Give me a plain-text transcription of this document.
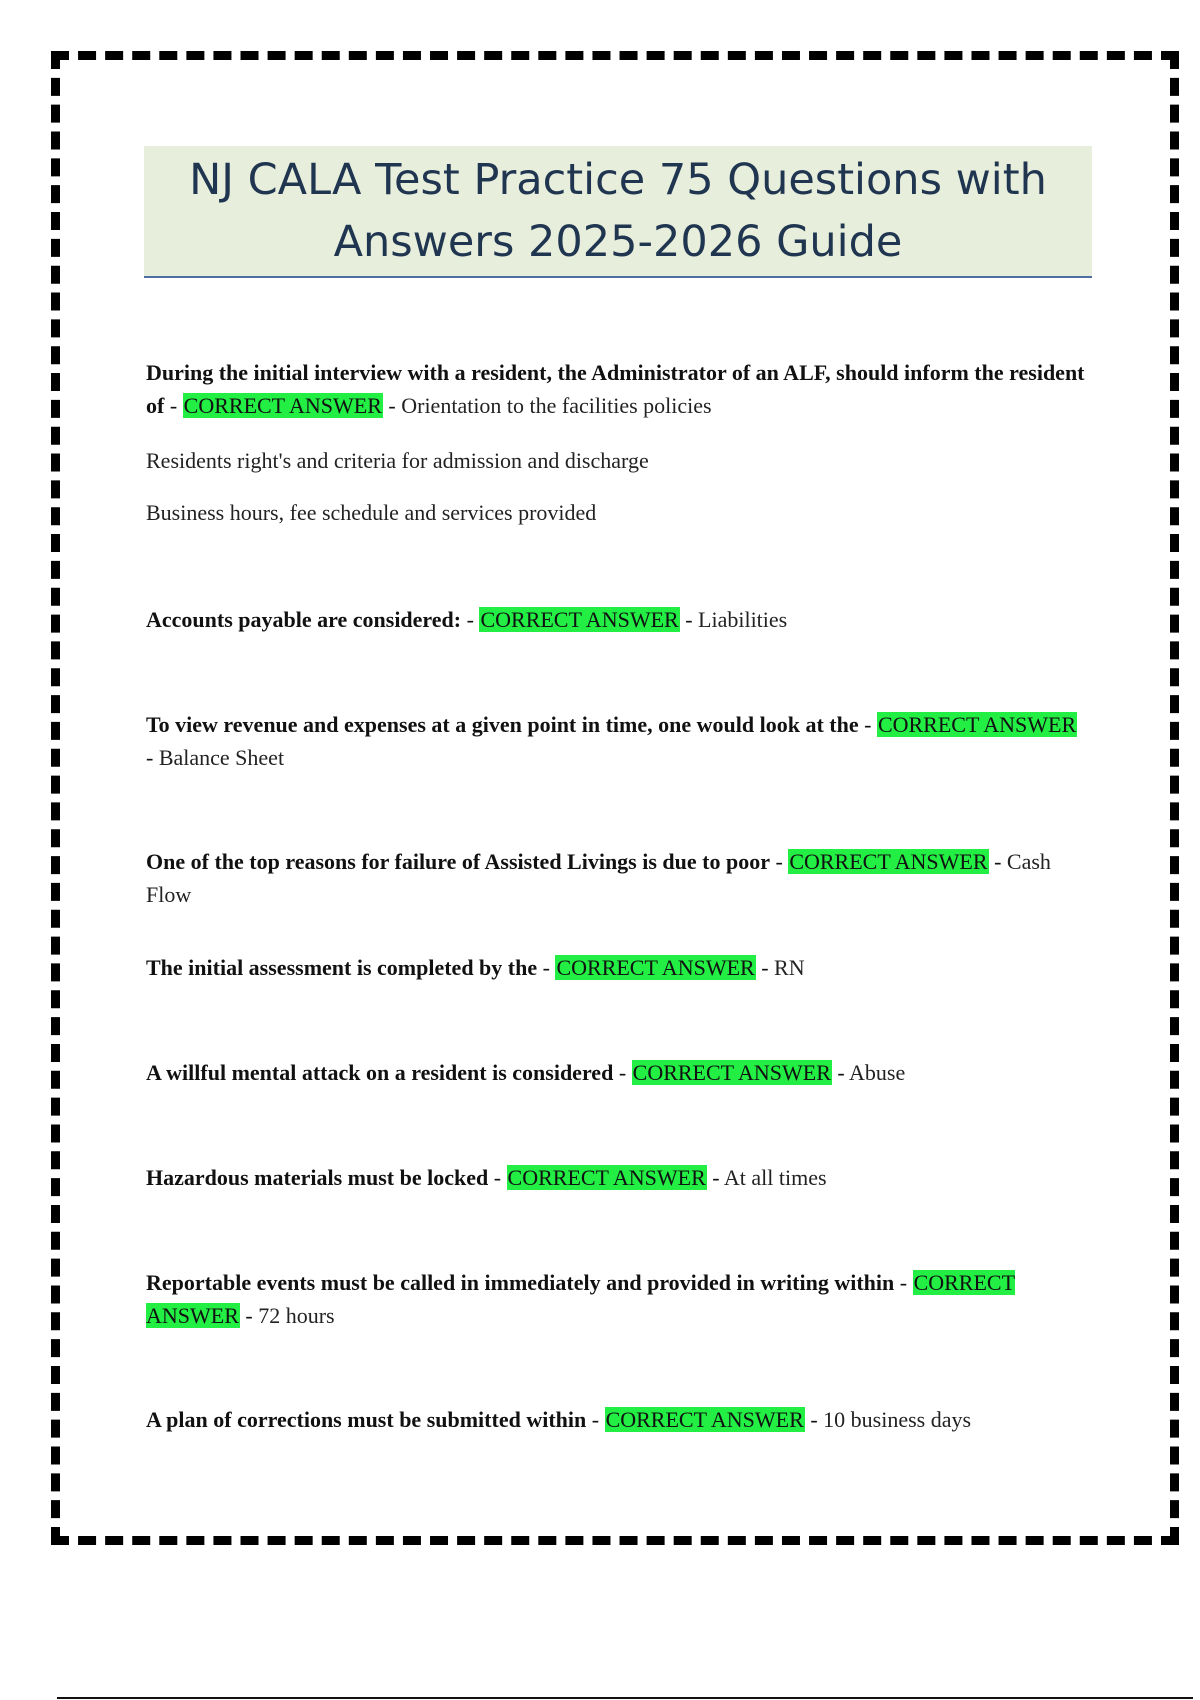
NJ CALA Test Practice 75 Questions with Answers 2025-2026 Guide
During the initial interview with a resident, the Administrator of an ALF, should inform the resident of - CORRECT ANSWER - Orientation to the facilities policies
Residents right's and criteria for admission and discharge
Business hours, fee schedule and services provided
Accounts payable are considered: - CORRECT ANSWER - Liabilities
To view revenue and expenses at a given point in time, one would look at the - CORRECT ANSWER - Balance Sheet
One of the top reasons for failure of Assisted Livings is due to poor - CORRECT ANSWER - Cash Flow
The initial assessment is completed by the - CORRECT ANSWER - RN
A willful mental attack on a resident is considered - CORRECT ANSWER - Abuse
Hazardous materials must be locked - CORRECT ANSWER - At all times
Reportable events must be called in immediately and provided in writing within - CORRECT ANSWER - 72 hours
A plan of corrections must be submitted within - CORRECT ANSWER - 10 business days
